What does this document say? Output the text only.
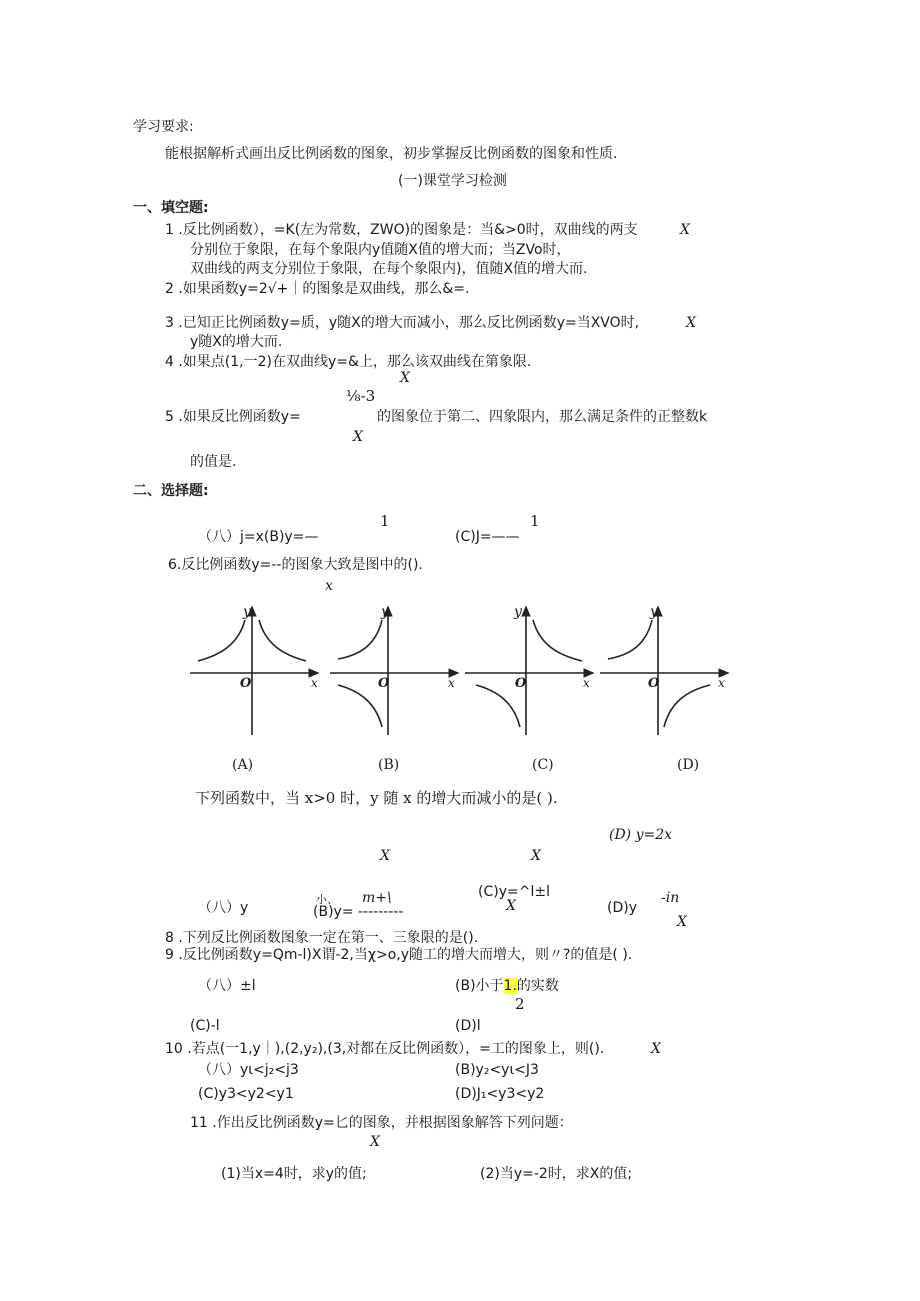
学习要求:
能根据解析式画出反比例函数的图象，初步掌握反比例函数的图象和性质.
(一)课堂学习检测
一、填空题:
1 .反比例函数），=K(左为常数，ZWO)的图象是：当&>0时，双曲线的两支	X
分别位于象限，在每个象限内y值随X值的增大而；当ZVo时，
双曲线的两支分别位于象限，在每个象限内)，值随X值的增大而.
2 .如果函数y=2√+｜的图象是双曲线，那么&=.
3 .已知正比例函数y=质，y随X的增大而减小，那么反比例函数y=当XVO时,	X
y随X的增大而.
4 .如果点(1,一2)在双曲线y=&上，那么该双曲线在第象限.
X
⅛-3
5 .如果反比例函数y=	的图象位于第二、四象限内，那么满足条件的正整数k
X
的值是.
二、选择题:
1	1
（八）j=x(B)y=—	(C)J=——
6.反比例函数y=--的图象大致是图中的().
x
y	y	y	y
x	x	x	x
O	O	O	O
(A)	(B)	(C)	(D)
下列函数中，当 x>0 时，y 随 x 的增大而减小的是( ).
(D) y=2x
X	X
(C)y=^l±l
小、 m+\	-in
X
（八）y	(B)y= ---------	(D)y
X
8 .下列反比例函数图象一定在第一、三象限的是().
9 .反比例函数y=Qm-l)X谓-2,当χ>o,y随工的增大而增大，则〃?的值是( ).
（八）±l	(B)小于1.的实数
2
(C)-l	(D)l
10 .若点(一1,y｜),(2,y₂),(3,对都在反比例函数），=工的图象上，则().	X
（八）yι<j₂<j3	(B)y₂<yι<J3
(C)y3<y2<y1	(D)J₁<y3<y2
11 .作出反比例函数y=匕的图象，并根据图象解答下列问题：
X
(1)当x=4时，求y的值;	(2)当y=-2时，求X的值;
